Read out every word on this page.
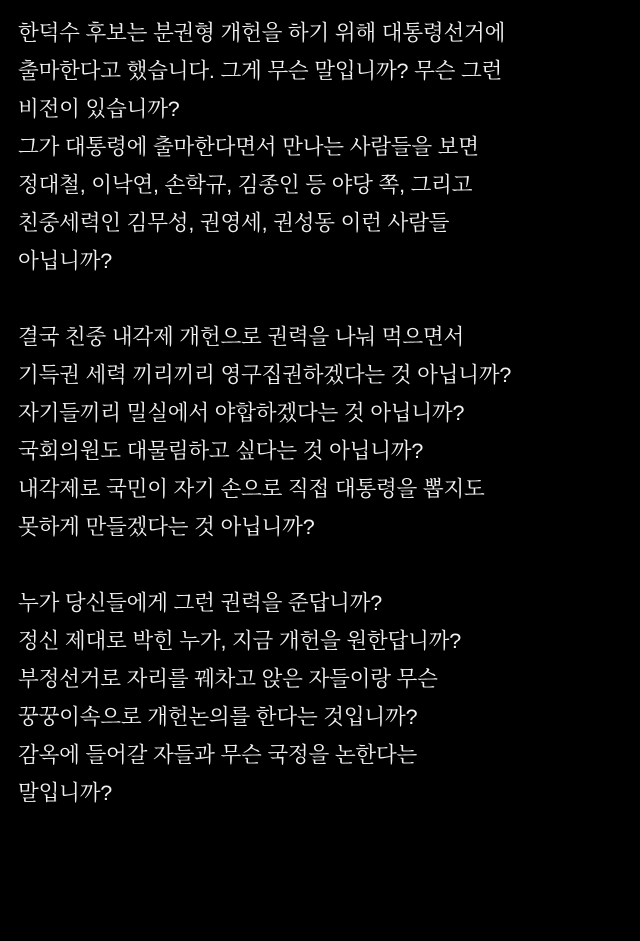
한덕수 후보는 분권형 개헌을 하기 위해 대통령선거에
출마한다고 했습니다. 그게 무슨 말입니까? 무슨 그런
비전이 있습니까?
그가 대통령에 출마한다면서 만나는 사람들을 보면
정대철, 이낙연, 손학규, 김종인 등 야당 쪽, 그리고
친중세력인 김무성, 권영세, 권성동 이런 사람들
아닙니까?
결국 친중 내각제 개헌으로 권력을 나눠 먹으면서
기득권 세력 끼리끼리 영구집권하겠다는 것 아닙니까?
자기들끼리 밀실에서 야합하겠다는 것 아닙니까?
국회의원도 대물림하고 싶다는 것 아닙니까?
내각제로 국민이 자기 손으로 직접 대통령을 뽑지도
못하게 만들겠다는 것 아닙니까?
누가 당신들에게 그런 권력을 준답니까?
정신 제대로 박힌 누가, 지금 개헌을 원한답니까?
부정선거로 자리를 꿰차고 앉은 자들이랑 무슨
꿍꿍이속으로 개헌논의를 한다는 것입니까?
감옥에 들어갈 자들과 무슨 국정을 논한다는
말입니까?
